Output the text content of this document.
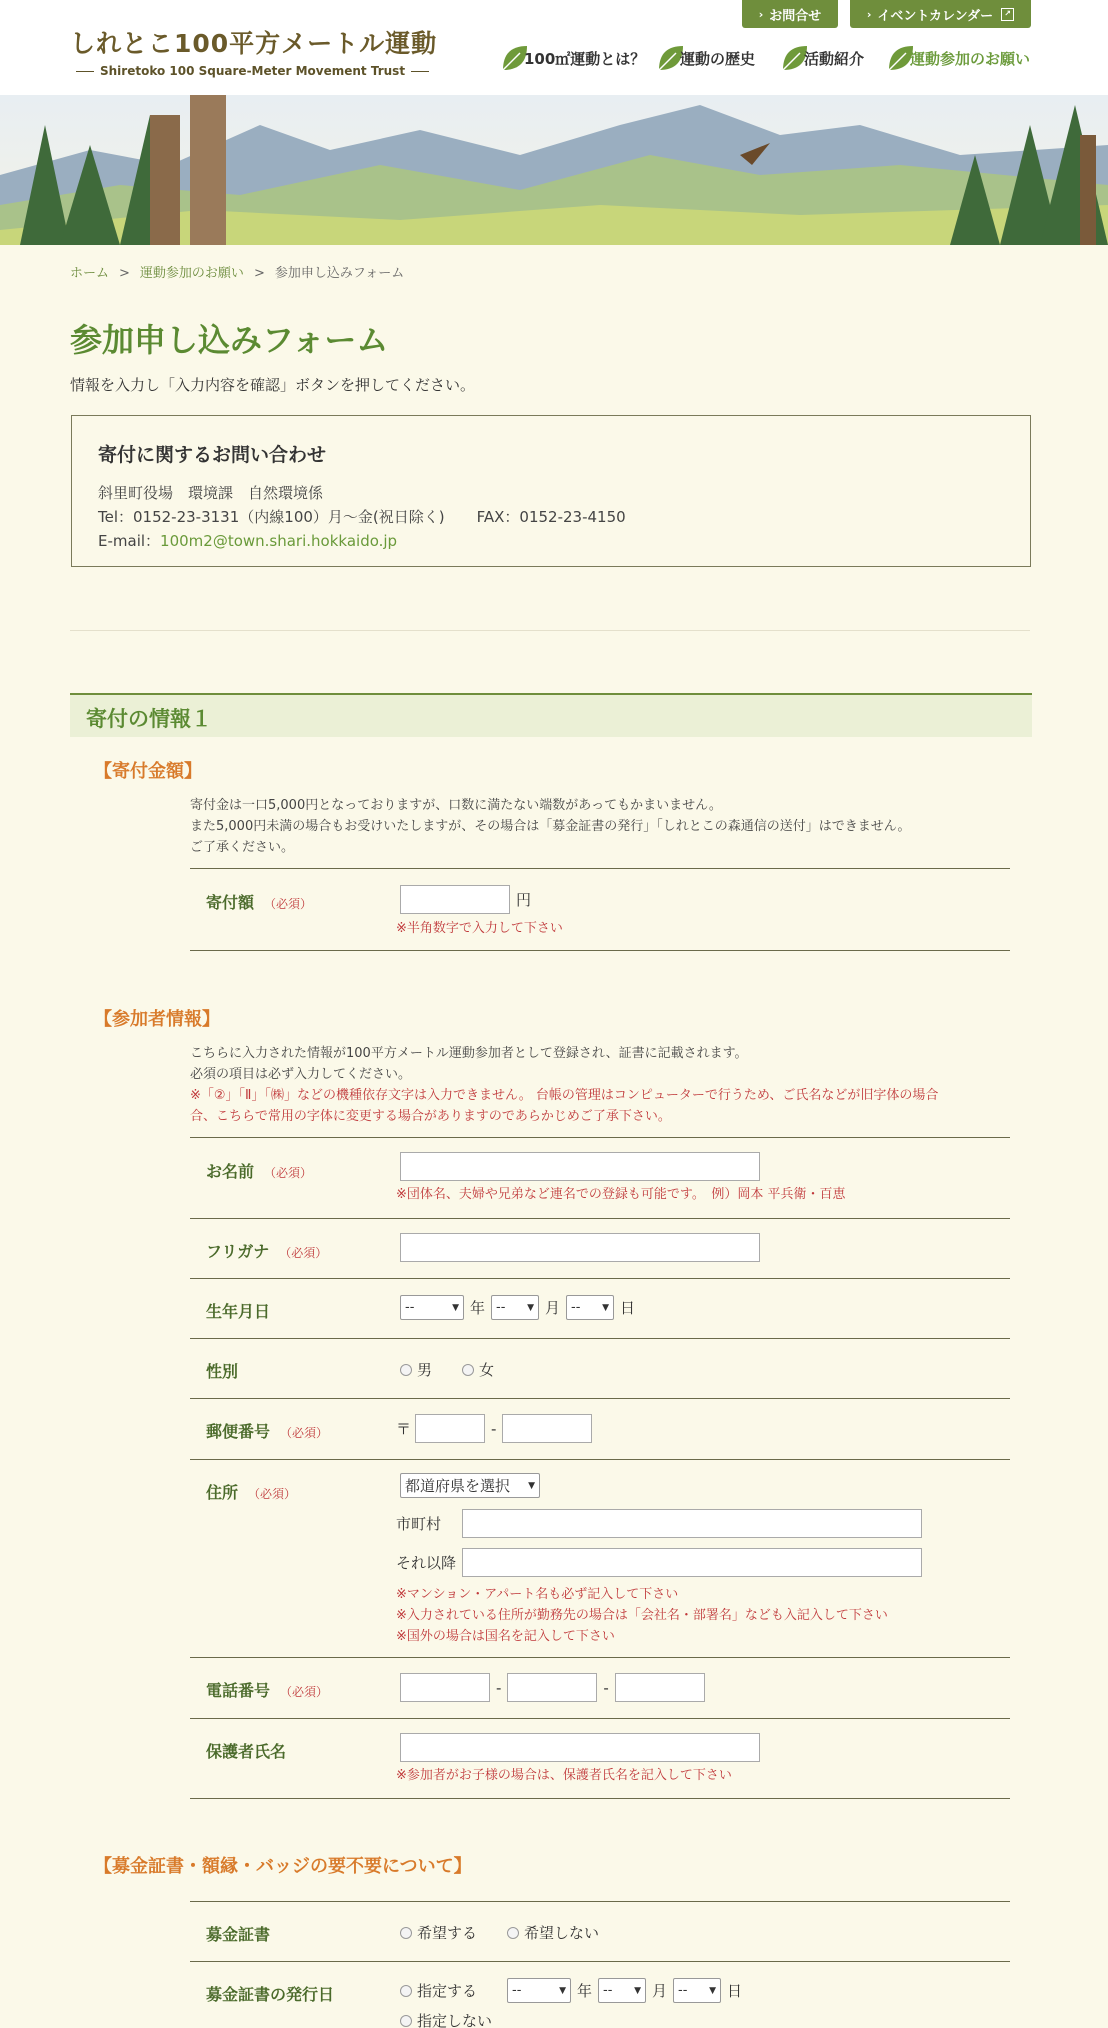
しれとこ100平方メートル運動
Shiretoko 100 Square-Meter Movement Trust
› お問合せ	› イベントカレンダー	↗
100㎡運動とは？ 運動の歴史	活動紹介	運動参加のお願い
ホーム > 運動参加のお願い > 参加申し込みフォーム
参加申し込みフォーム
情報を入力し「入力内容を確認」ボタンを押してください。
寄付に関するお問い合わせ

斜里町役場　環境課　自然環境係

Tel：0152-23-3131（内線100）月～金(祝日除く) FAX：0152-23-4150

E-mail：100m2@town.shari.hokkaido.jp

寄付の情報１
【寄付金額】
寄付金は一口5,000円となっておりますが、口数に満たない端数があってもかまいません。
また5,000円未満の場合もお受けいたしますが、その場合は「募金証書の発行」「しれとこの森通信の送付」はできません。
ご了承ください。
寄付額 （必須）	円
※半角数字で入力して下さい
【参加者情報】
こちらに入力された情報が100平方メートル運動参加者として登録され、証書に記載されます。
必須の項目は必ず入力してください。
※「②」「Ⅱ」「㈱」などの機種依存文字は入力できません。 台帳の管理はコンピューターで行うため、ご氏名などが旧字体の場合
合、こちらで常用の字体に変更する場合がありますのであらかじめご了承下さい。
お名前 （必須）
※団体名、夫婦や兄弟など連名での登録も可能です。　例）岡本 平兵衛・百恵
フリガナ （必須）
生年月日	--	▼ 年 -- ▼ 月 -- ▼ 日
性別	男	女
郵便番号 （必須）	〒	-
住所 （必須）	都道府県を選択 ▼
市町村
それ以降
※マンション・アパート名も必ず記入して下さい
※入力されている住所が勤務先の場合は「会社名・部署名」なども入記入して下さい
※国外の場合は国名を記入して下さい
電話番号 （必須）	-	-
保護者氏名
※参加者がお子様の場合は、保護者氏名を記入して下さい
【募金証書・額縁・バッジの要不要について】
募金証書	希望する	希望しない
募金証書の発行日	指定する	--	▼ 年 -- ▼ 月 -- ▼ 日
指定しない
